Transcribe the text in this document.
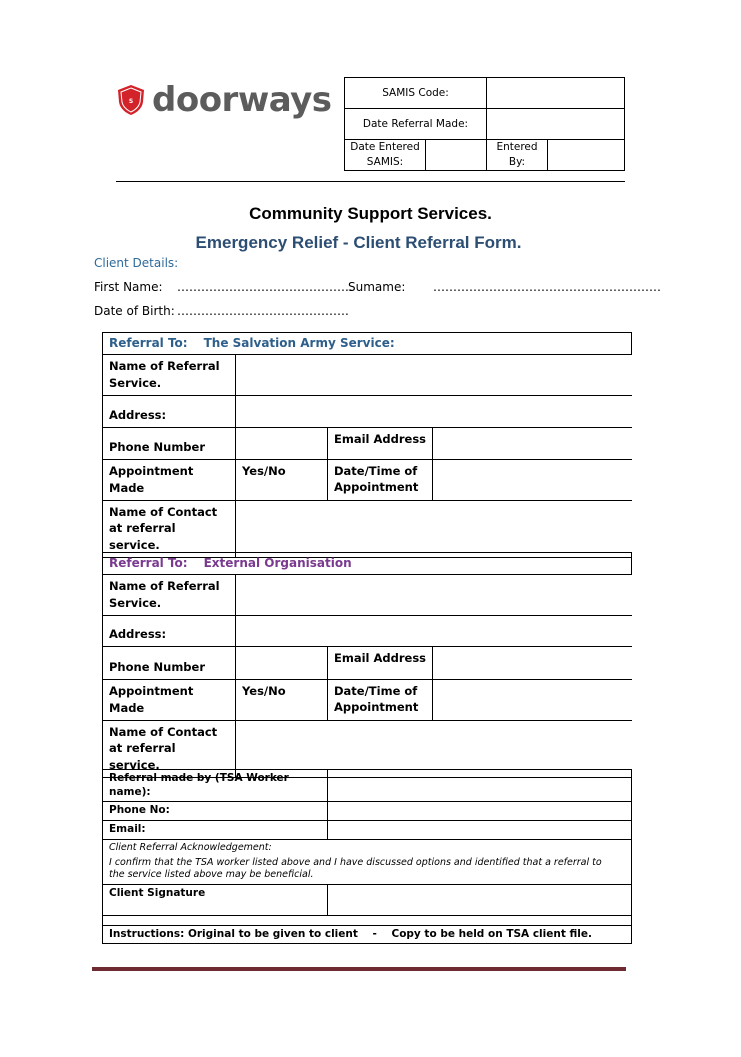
S doorways	SAMIS Code:			
Date Referral Made:			
Date Entered SAMIS:		Entered By:	
Community Support Services.
Emergency Relief - Client Referral Form.
Client Details:
First Name: ……………………………………..
Sumame: …………………………………………………
Date of Birth: …………………………………….
Referral To: The Salvation Army Service:			
Name of Referral Service.			
Address:			
Phone Number		Email Address	
Appointment Made	Yes/No	Date/Time of Appointment	
Name of Contact at referral service.			
Referral To: External Organisation			
Name of Referral Service.			
Address:			
Phone Number		Email Address	
Appointment Made	Yes/No	Date/Time of Appointment	
Name of Contact at referral service.			
Referral made by (TSA Worker name):	
Phone No:	
Email:	

Client Referral Acknowledgement:
I confirm that the TSA worker listed above and I have discussed options and identified that a referral to the service listed above may be beneficial.	

Client Signature	

Instructions: Original to be given to client    -    Copy to be held on TSA client file.	
